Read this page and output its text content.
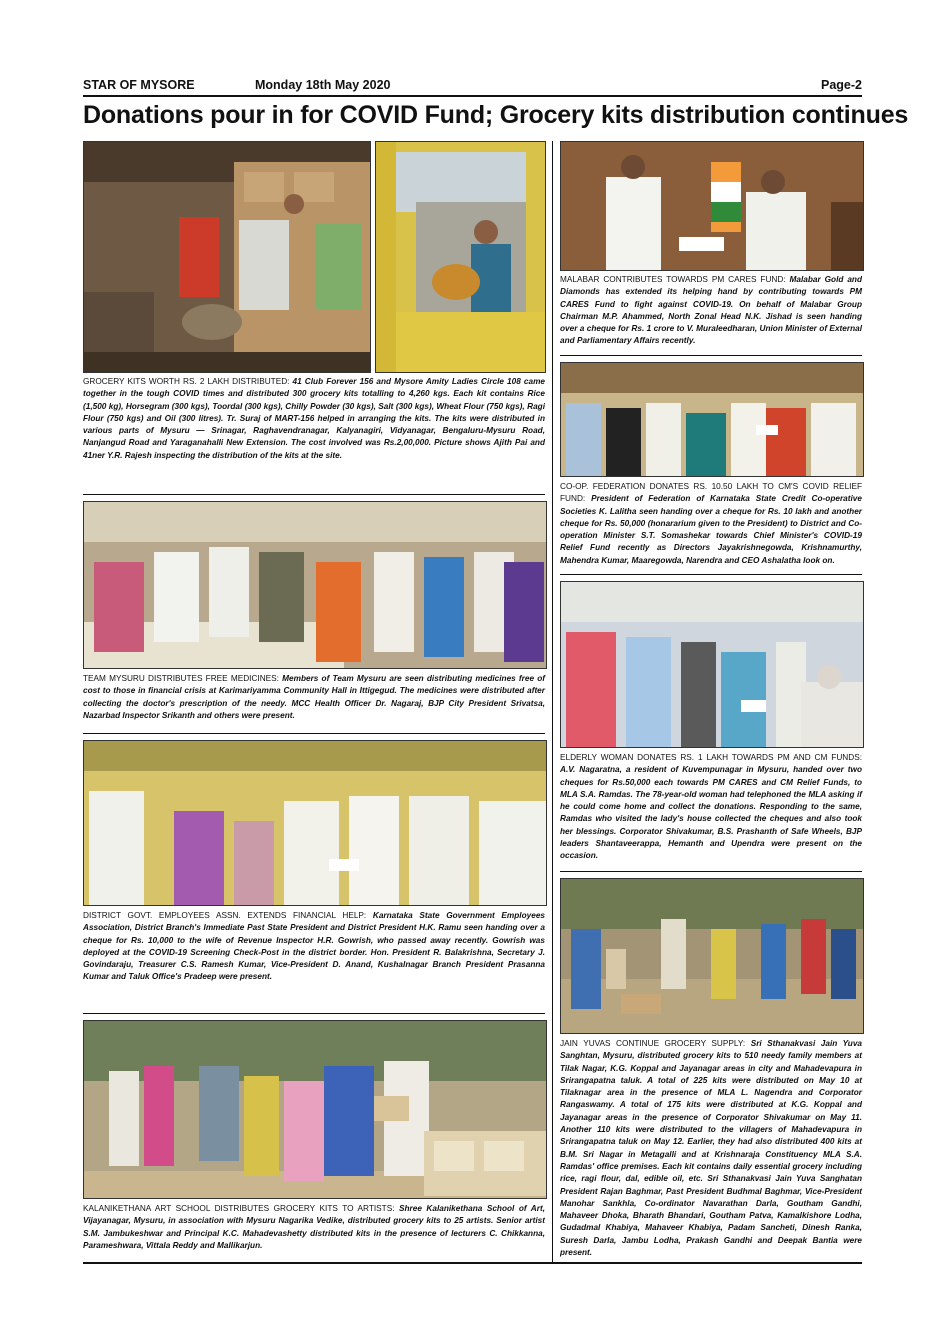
STAR OF MYSORE	Monday 18th May 2020	Page-2
Donations pour in for COVID Fund; Grocery kits distribution continues
GROCERY KITS WORTH RS. 2 LAKH DISTRIBUTED: 41 Club Forever 156 and Mysore Amity Ladies Circle 108 came together in the tough COVID times and distributed 300 grocery kits totalling to 4,260 kgs. Each kit contains Rice (1,500 kg), Horsegram (300 kgs), Toordal (300 kgs), Chilly Powder (30 kgs), Salt (300 kgs), Wheat Flour (750 kgs), Ragi Flour (750 kgs) and Oil (300 litres). Tr. Suraj of MART-156 helped in arranging the kits. The kits were distributed in various parts of Mysuru — Srinagar, Raghavendranagar, Kalyanagiri, Vidyanagar, Bengaluru-Mysuru Road, Nanjangud Road and Yaraganahalli New Extension. The cost involved was Rs.2,00,000. Picture shows Ajith Pai and 41ner Y.R. Rajesh inspecting the distribution of the kits at the site.
TEAM MYSURU DISTRIBUTES FREE MEDICINES: Members of Team Mysuru are seen distributing medicines free of cost to those in financial crisis at Karimariyamma Community Hall in Ittigegud. The medicines were distributed after collecting the doctor's prescription of the needy. MCC Health Officer Dr. Nagaraj, BJP City President Srivatsa, Nazarbad Inspector Srikanth and others were present.
DISTRICT GOVT. EMPLOYEES ASSN. EXTENDS FINANCIAL HELP: Karnataka State Government Employees Association, District Branch's Immediate Past State President and District President H.K. Ramu seen handing over a cheque for Rs. 10,000 to the wife of Revenue Inspector H.R. Gowrish, who passed away recently. Gowrish was deployed at the COVID-19 Screening Check-Post in the district border. Hon. President R. Balakrishna, Secretary J. Govindaraju, Treasurer C.S. Ramesh Kumar, Vice-President D. Anand, Kushalnagar Branch President Prasanna Kumar and Taluk Office's Pradeep were present.
KALANIKETHANA ART SCHOOL DISTRIBUTES GROCERY KITS TO ARTISTS: Shree Kalanikethana School of Art, Vijayanagar, Mysuru, in association with Mysuru Nagarika Vedike, distributed grocery kits to 25 artists. Senior artist S.M. Jambukeshwar and Principal K.C. Mahadevashetty distributed kits in the presence of lecturers C. Chikkanna, Parameshwara, Vittala Reddy and Mallikarjun.
MALABAR CONTRIBUTES TOWARDS PM CARES FUND: Malabar Gold and Diamonds has extended its helping hand by contributing towards PM CARES Fund to fight against COVID-19. On behalf of Malabar Group Chairman M.P. Ahammed, North Zonal Head N.K. Jishad is seen handing over a cheque for Rs. 1 crore to V. Muraleedharan, Union Minister of External and Parliamentary Affairs recently.
CO-OP. FEDERATION DONATES RS. 10.50 LAKH TO CM'S COVID RELIEF FUND: President of Federation of Karnataka State Credit Co-operative Societies K. Lalitha seen handing over a cheque for Rs. 10 lakh and another cheque for Rs. 50,000 (honararium given to the President) to District and Co-operation Minister S.T. Somashekar towards Chief Minister's COVID-19 Relief Fund recently as Directors Jayakrishnegowda, Krishnamurthy, Mahendra Kumar, Maaregowda, Narendra and CEO Ashalatha look on.
ELDERLY WOMAN DONATES RS. 1 LAKH TOWARDS PM AND CM FUNDS: A.V. Nagaratna, a resident of Kuvempunagar in Mysuru, handed over two cheques for Rs.50,000 each towards PM CARES and CM Relief Funds, to MLA S.A. Ramdas. The 78-year-old woman had telephoned the MLA asking if he could come home and collect the donations. Responding to the same, Ramdas who visited the lady's house collected the cheques and also took her blessings. Corporator Shivakumar, B.S. Prashanth of Safe Wheels, BJP leaders Shantaveerappa, Hemanth and Upendra were present on the occasion.
JAIN YUVAS CONTINUE GROCERY SUPPLY: Sri Sthanakvasi Jain Yuva Sanghtan, Mysuru, distributed grocery kits to 510 needy family members at Tilak Nagar, K.G. Koppal and Jayanagar areas in city and Mahadevapura in Srirangapatna taluk. A total of 225 kits were distributed on May 10 at Tilaknagar area in the presence of MLA L. Nagendra and Corporator Rangaswamy. A total of 175 kits were distributed at K.G. Koppal and Jayanagar areas in the presence of Corporator Shivakumar on May 11. Another 110 kits were distributed to the villagers of Mahadevapura in Srirangapatna taluk on May 12. Earlier, they had also distributed 400 kits at B.M. Sri Nagar in Metagalli and at Krishnaraja Constituency MLA S.A. Ramdas' office premises. Each kit contains daily essential grocery including rice, ragi flour, dal, edible oil, etc. Sri Sthanakvasi Jain Yuva Sanghatan President Rajan Baghmar, Past President Budhmal Baghmar, Vice-President Manohar Sankhla, Co-ordinator Navarathan Darla, Goutham Gandhi, Mahaveer Dhoka, Bharath Bhandari, Goutham Patva, Kamalkishore Lodha, Gudadmal Khabiya, Mahaveer Khabiya, Padam Sancheti, Dinesh Ranka, Suresh Darla, Jambu Lodha, Prakash Gandhi and Deepak Bantia were present.
